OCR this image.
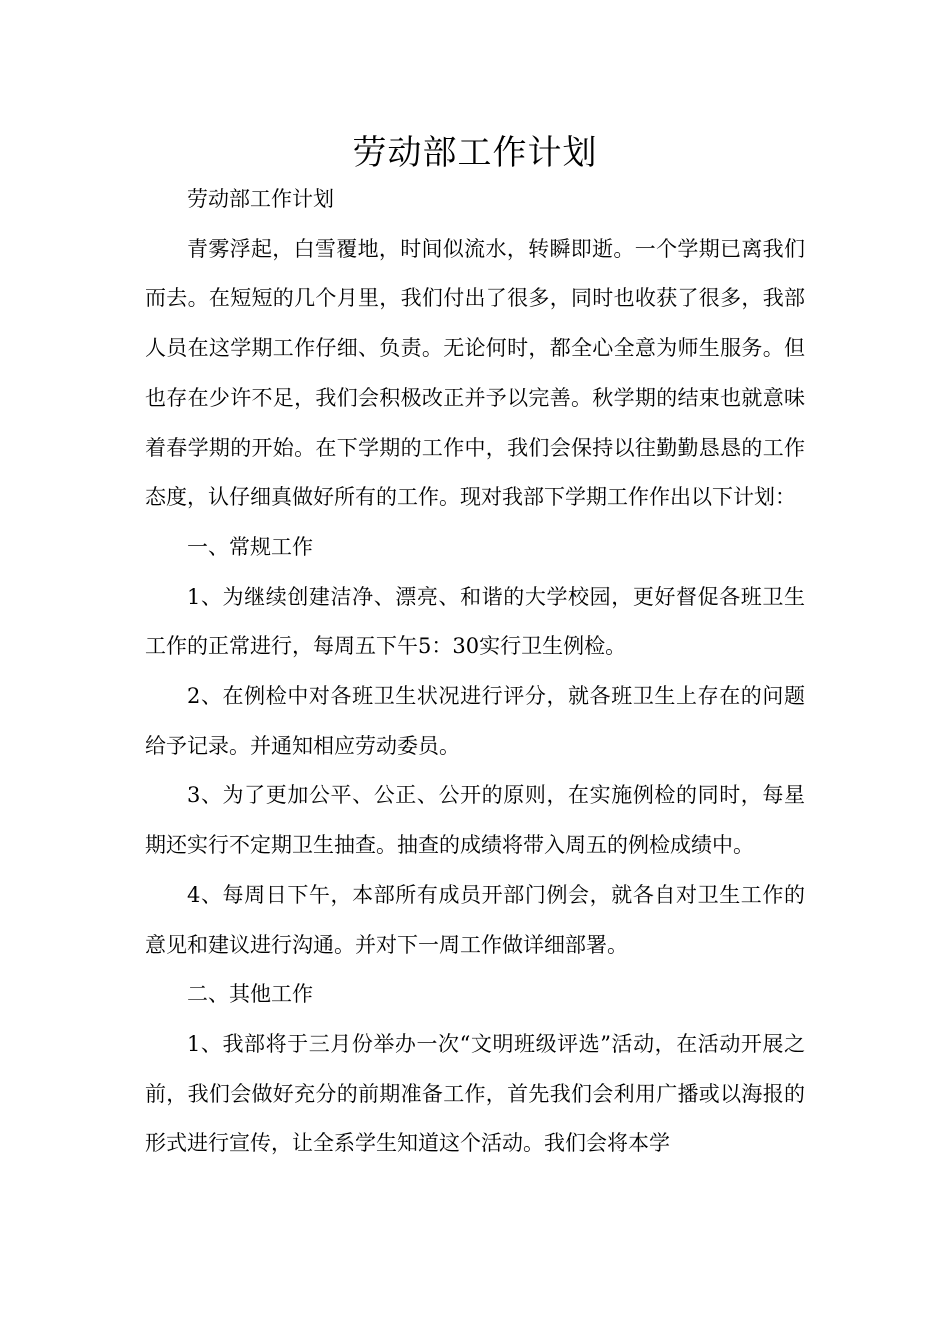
劳动部工作计划

劳动部工作计划

青雾浮起，白雪覆地，时间似流水，转瞬即逝。一个学期已离我们而去。在短短的几个月里，我们付出了很多，同时也收获了很多，我部人员在这学期工作仔细、负责。无论何时，都全心全意为师生服务。但也存在少许不足，我们会积极改正并予以完善。秋学期的结束也就意味着春学期的开始。在下学期的工作中，我们会保持以往勤勤恳恳的工作态度，认仔细真做好所有的工作。现对我部下学期工作作出以下计划：

一、常规工作

1、为继续创建洁净、漂亮、和谐的大学校园，更好督促各班卫生工作的正常进行，每周五下午5：30实行卫生例检。

2、在例检中对各班卫生状况进行评分，就各班卫生上存在的问题给予记录。并通知相应劳动委员。

3、为了更加公平、公正、公开的原则，在实施例检的同时，每星期还实行不定期卫生抽查。抽查的成绩将带入周五的例检成绩中。

4、每周日下午，本部所有成员开部门例会，就各自对卫生工作的意见和建议进行沟通。并对下一周工作做详细部署。

二、其他工作

1、我部将于三月份举办一次“文明班级评选”活动，在活动开展之前，我们会做好充分的前期准备工作，首先我们会利用广播或以海报的形式进行宣传，让全系学生知道这个活动。我们会将本学
